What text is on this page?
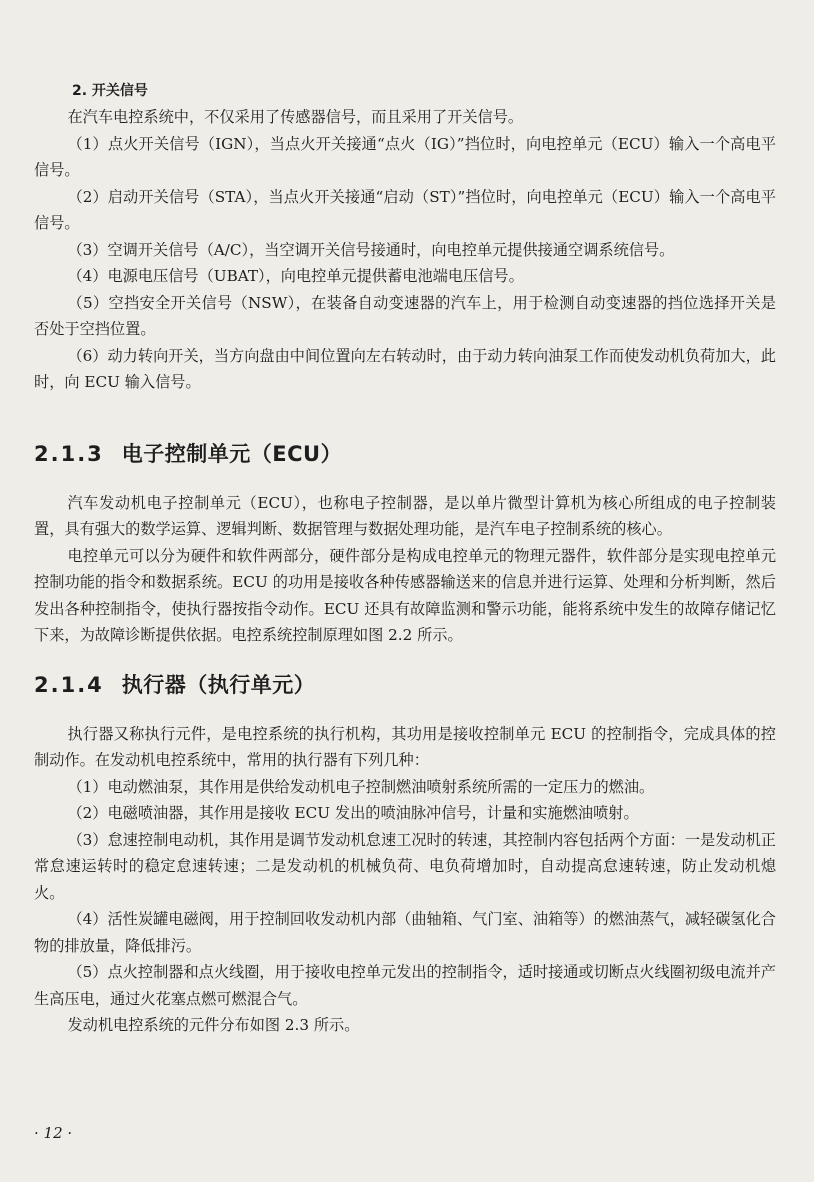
2. 开关信号

在汽车电控系统中，不仅采用了传感器信号，而且采用了开关信号。

（1）点火开关信号（IGN），当点火开关接通“点火（IG）”挡位时，向电控单元（ECU）输入一个高电平信号。

（2）启动开关信号（STA），当点火开关接通“启动（ST）”挡位时，向电控单元（ECU）输入一个高电平信号。

（3）空调开关信号（A/C），当空调开关信号接通时，向电控单元提供接通空调系统信号。

（4）电源电压信号（UBAT），向电控单元提供蓄电池端电压信号。

（5）空挡安全开关信号（NSW），在装备自动变速器的汽车上，用于检测自动变速器的挡位选择开关是否处于空挡位置。

（6）动力转向开关，当方向盘由中间位置向左右转动时，由于动力转向油泵工作而使发动机负荷加大，此时，向 ECU 输入信号。

2.1.3 电子控制单元（ECU）

汽车发动机电子控制单元（ECU），也称电子控制器，是以单片微型计算机为核心所组成的电子控制装置，具有强大的数学运算、逻辑判断、数据管理与数据处理功能，是汽车电子控制系统的核心。

电控单元可以分为硬件和软件两部分，硬件部分是构成电控单元的物理元器件，软件部分是实现电控单元控制功能的指令和数据系统。ECU 的功用是接收各种传感器输送来的信息并进行运算、处理和分析判断，然后发出各种控制指令，使执行器按指令动作。ECU 还具有故障监测和警示功能，能将系统中发生的故障存储记忆下来，为故障诊断提供依据。电控系统控制原理如图 2.2 所示。

2.1.4 执行器（执行单元）

执行器又称执行元件，是电控系统的执行机构，其功用是接收控制单元 ECU 的控制指令，完成具体的控制动作。在发动机电控系统中，常用的执行器有下列几种：

（1）电动燃油泵，其作用是供给发动机电子控制燃油喷射系统所需的一定压力的燃油。

（2）电磁喷油器，其作用是接收 ECU 发出的喷油脉冲信号，计量和实施燃油喷射。

（3）怠速控制电动机，其作用是调节发动机怠速工况时的转速，其控制内容包括两个方面：一是发动机正常怠速运转时的稳定怠速转速；二是发动机的机械负荷、电负荷增加时，自动提高怠速转速，防止发动机熄火。

（4）活性炭罐电磁阀，用于控制回收发动机内部（曲轴箱、气门室、油箱等）的燃油蒸气，减轻碳氢化合物的排放量，降低排污。

（5）点火控制器和点火线圈，用于接收电控单元发出的控制指令，适时接通或切断点火线圈初级电流并产生高压电，通过火花塞点燃可燃混合气。

发动机电控系统的元件分布如图 2.3 所示。

· 12 ·
